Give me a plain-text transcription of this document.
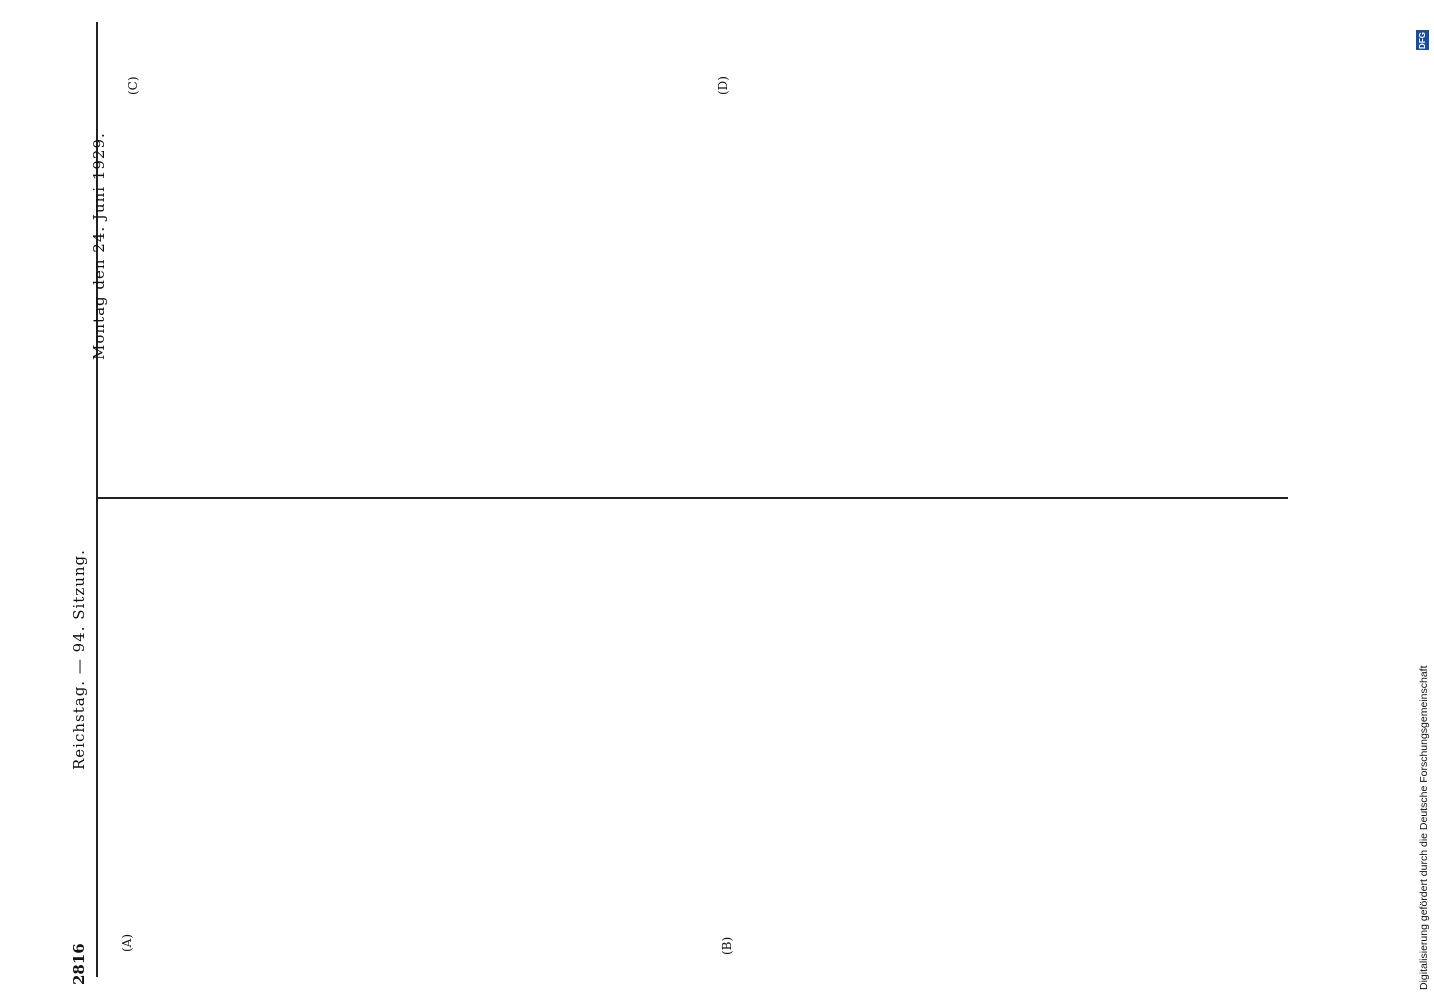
2816
Reichstag. — 94. Sitzung.
Montag den 24. Juni 1929.
(A)	(B)
(C)	(D)
Digitalisierung gefördert durch die Deutsche Forschungsgemeinschaft
DFG
